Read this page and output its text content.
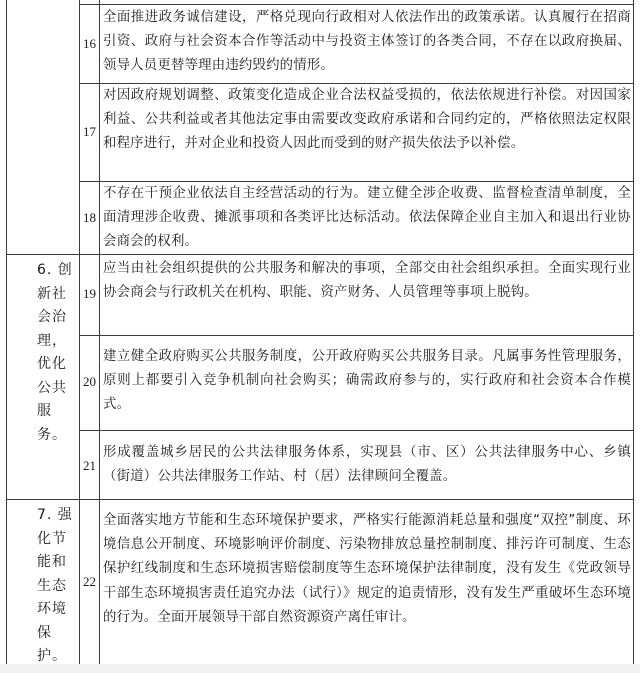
6. 创新社会治理，优化公共服务。
7. 强化节能和生态环境保护。
16
17
18
19
20
21
22
全面推进政务诚信建设，严格兑现向行政相对人依法作出的政策承诺。认真履行在招商引资、政府与社会资本合作等活动中与投资主体签订的各类合同，不存在以政府换届、领导人员更替等理由违约毁约的情形。
对因政府规划调整、政策变化造成企业合法权益受损的，依法依规进行补偿。对因国家利益、公共利益或者其他法定事由需要改变政府承诺和合同约定的，严格依照法定权限和程序进行，并对企业和投资人因此而受到的财产损失依法予以补偿。
不存在干预企业依法自主经营活动的行为。建立健全涉企收费、监督检查清单制度，全面清理涉企收费、摊派事项和各类评比达标活动。依法保障企业自主加入和退出行业协会商会的权利。
应当由社会组织提供的公共服务和解决的事项，全部交由社会组织承担。全面实现行业协会商会与行政机关在机构、职能、资产财务、人员管理等事项上脱钩。
建立健全政府购买公共服务制度，公开政府购买公共服务目录。凡属事务性管理服务，原则上都要引入竞争机制向社会购买；确需政府参与的，实行政府和社会资本合作模式。
形成覆盖城乡居民的公共法律服务体系，实现县（市、区）公共法律服务中心、乡镇（街道）公共法律服务工作站、村（居）法律顾问全覆盖。
全面落实地方节能和生态环境保护要求，严格实行能源消耗总量和强度“双控”制度、环境信息公开制度、环境影响评价制度、污染物排放总量控制制度、排污许可制度、生态保护红线制度和生态环境损害赔偿制度等生态环境保护法律制度，没有发生《党政领导干部生态环境损害责任追究办法（试行）》规定的追责情形，没有发生严重破坏生态环境的行为。全面开展领导干部自然资源资产离任审计。
